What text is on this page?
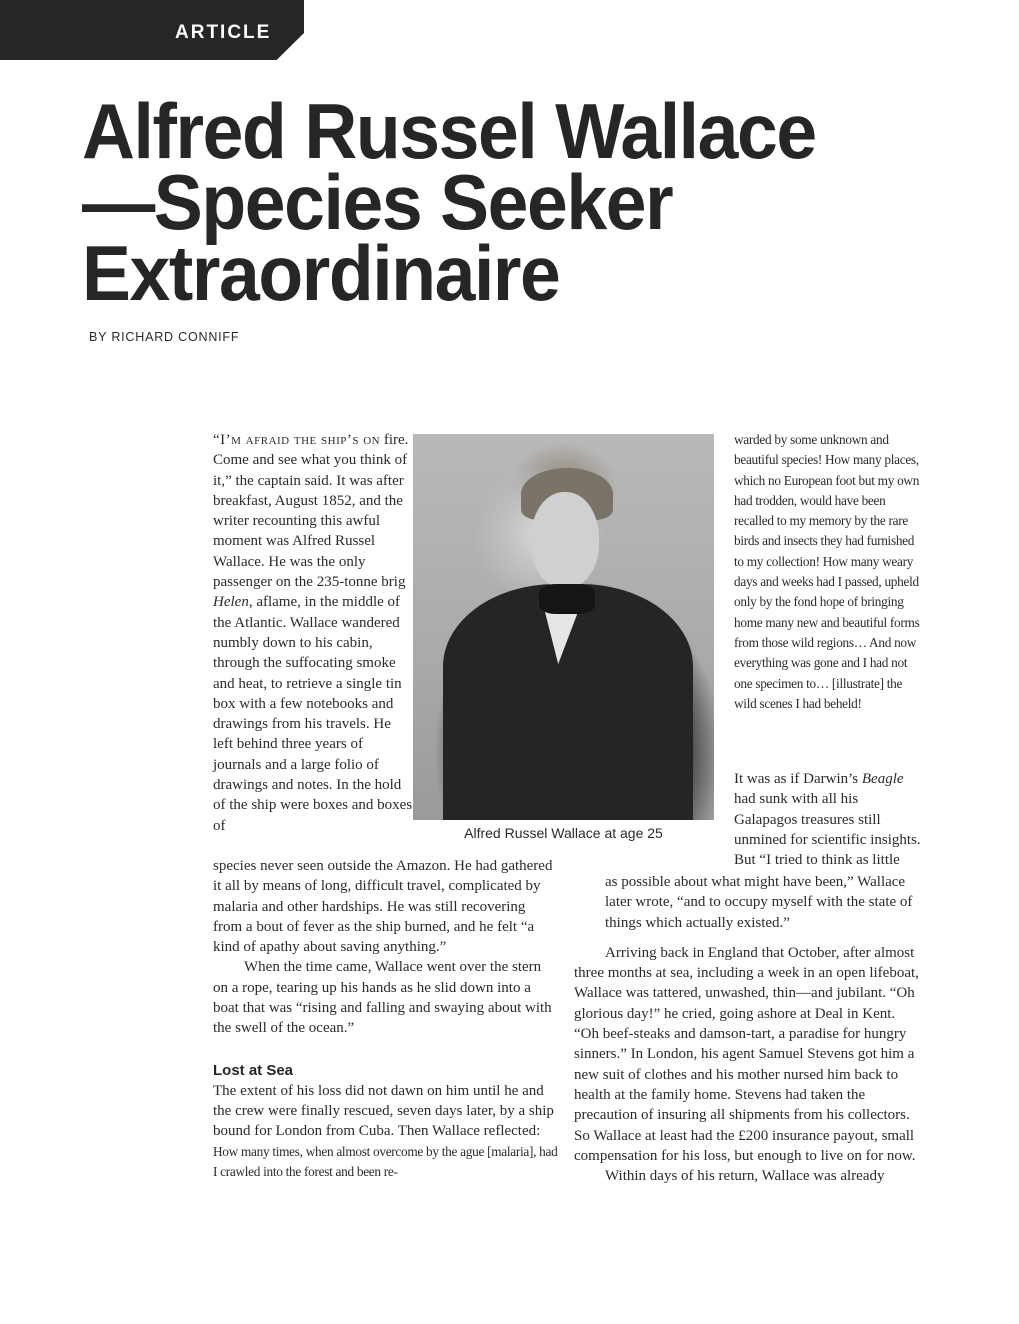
ARTICLE
Alfred Russel Wallace
—Species Seeker
Extraordinaire
BY RICHARD CONNIFF

“I’m afraid the ship’s on fire. Come and see what you think of it,” the captain said. It was after breakfast, August 1852, and the writer recounting this awful moment was Alfred Russel Wallace. He was the only passenger on the 235-tonne brig Helen, aflame, in the middle of the Atlantic. Wallace wandered numbly down to his cabin, through the suffocating smoke and heat, to retrieve a single tin box with a few notebooks and drawings from his travels. He left behind three years of journals and a large folio of drawings and notes. In the hold of the ship were boxes and boxes of	Alfred Russel Wallace at age 25

warded by some unknown and beautiful species! How many places, which no European foot but my own had trodden, would have been recalled to my memory by the rare birds and insects they had furnished to my collection! How many weary days and weeks had I passed, upheld only by the fond hope of bringing home many new and beautiful forms from those wild regions… And now everything was gone and I had not one specimen to… [illustrate] the wild scenes I had beheld!

It was as if Darwin’s Beagle had sunk with all his Galapagos treasures still unmined for scientific insights. But “I tried to think as little

species never seen outside the Amazon. He had gathered it all by means of long, difficult travel, complicated by malaria and other hardships. He was still recovering from a bout of fever as the ship burned, and he felt “a kind of apathy about saving anything.”

When the time came, Wallace went over the stern on a rope, tearing up his hands as he slid down into a boat that was “rising and falling and swaying about with the swell of the ocean.”

Lost at Sea

The extent of his loss did not dawn on him until he and the crew were finally rescued, seven days later, by a ship bound for London from Cuba. Then Wallace reflected:

How many times, when almost overcome by the ague [malaria], had I crawled into the forest and been re-

as possible about what might have been,” Wallace later wrote, “and to occupy myself with the state of things which actually existed.”

Arriving back in England that October, after almost three months at sea, including a week in an open lifeboat, Wallace was tattered, unwashed, thin—and jubilant. “Oh glorious day!” he cried, going ashore at Deal in Kent. “Oh beef-steaks and damson-tart, a paradise for hungry sinners.” In London, his agent Samuel Stevens got him a new suit of clothes and his mother nursed him back to health at the family home. Stevens had taken the precaution of insuring all shipments from his collectors. So Wallace at least had the £200 insurance payout, small compensation for his loss, but enough to live on for now.

Within days of his return, Wallace was already
